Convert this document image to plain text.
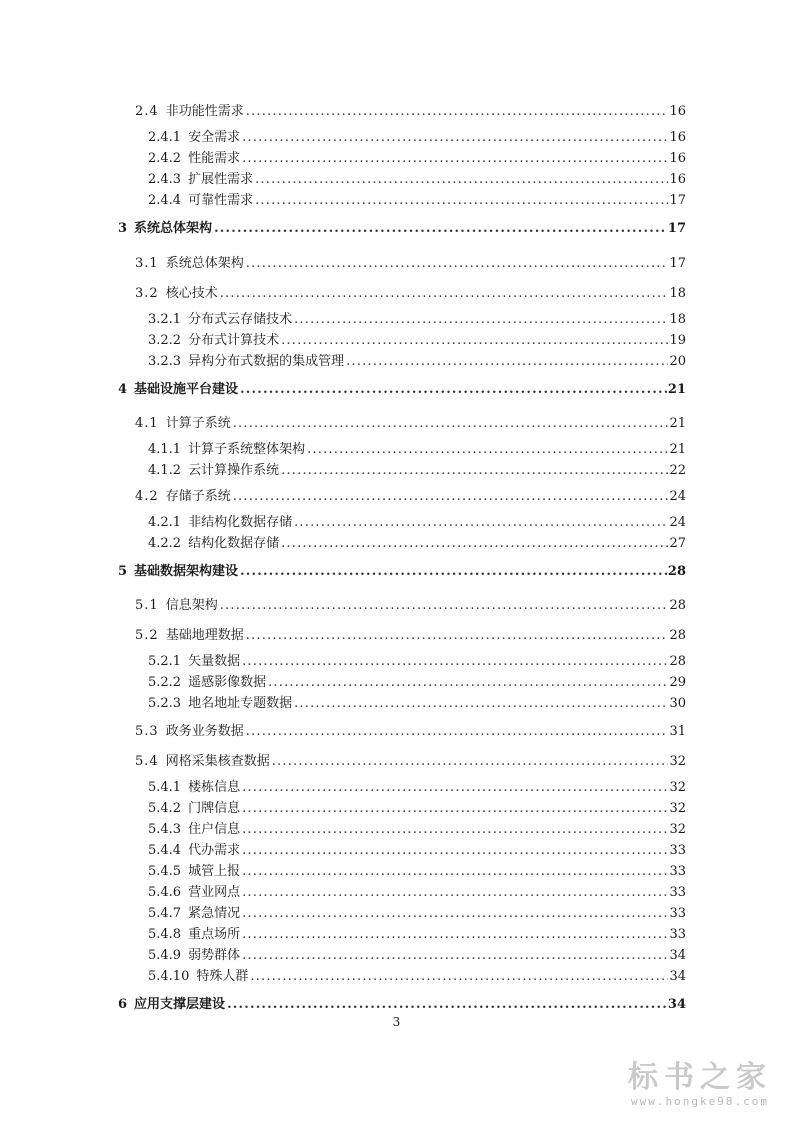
2.4 非功能性需求 .....	16
2.4.1 安全需求 .....	16
2.4.2 性能需求 .....	16
2.4.3 扩展性需求 .....	16
2.4.4 可靠性需求 .....	17
3 系统总体架构 .....	17
3.1 系统总体架构 .....	17
3.2 核心技术 .....	18
3.2.1 分布式云存储技术 .....	18
3.2.2 分布式计算技术 .....	19
3.2.3 异构分布式数据的集成管理 .....	20
4 基础设施平台建设 .....	21
4.1 计算子系统 .....	21
4.1.1 计算子系统整体架构 .....	21
4.1.2 云计算操作系统 .....	22
4.2 存储子系统 .....	24
4.2.1 非结构化数据存储 .....	24
4.2.2 结构化数据存储 .....	27
5 基础数据架构建设 .....	28
5.1 信息架构 .....	28
5.2 基础地理数据 .....	28
5.2.1 矢量数据 .....	28
5.2.2 遥感影像数据 .....	29
5.2.3 地名地址专题数据 .....	30
5.3 政务业务数据 .....	31
5.4 网格采集核查数据 .....	32
5.4.1 楼栋信息 .....	32
5.4.2 门牌信息 .....	32
5.4.3 住户信息 .....	32
5.4.4 代办需求 .....	33
5.4.5 城管上报 .....	33
5.4.6 营业网点 .....	33
5.4.7 紧急情况 .....	33
5.4.8 重点场所 .....	33
5.4.9 弱势群体 .....	34
5.4.10 特殊人群 .....	34
6 应用支撑层建设 .....	34
3
标书之家
www.hongke98.com
